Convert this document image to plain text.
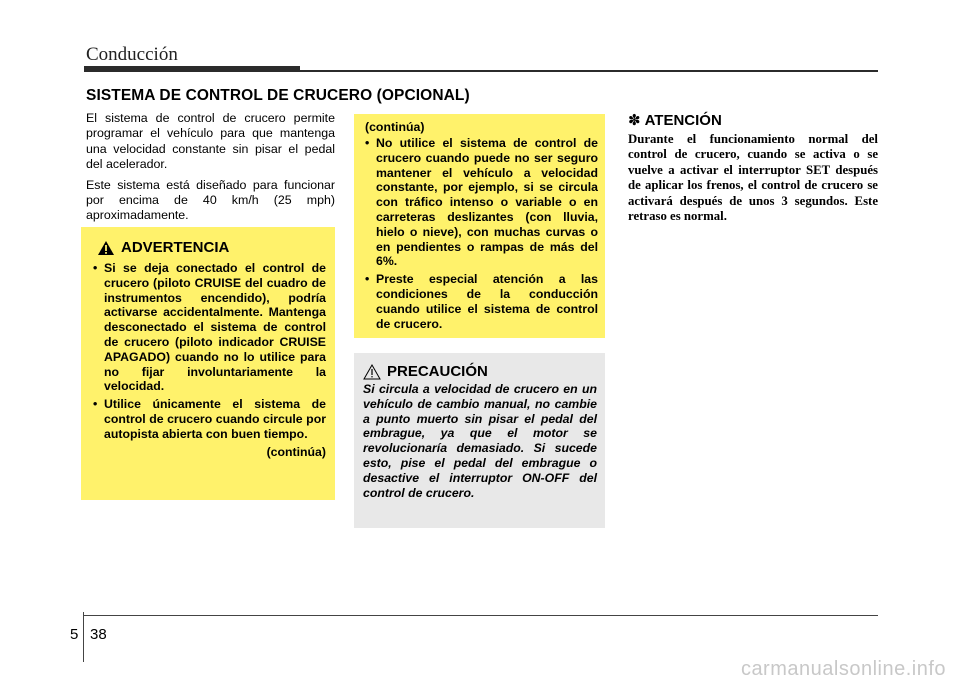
Conducción
SISTEMA DE CONTROL DE CRUCERO (OPCIONAL)

El sistema de control de crucero permite programar el vehículo para que mantenga una velocidad constante sin pisar el pedal del acelerador.

Este sistema está diseñado para funcionar por encima de 40 km/h (25 mph) aproximadamente.

ADVERTENCIA
• Si se deja conectado el control de crucero (piloto CRUISE del cuadro de instrumentos encendido), podría activarse accidentalmente. Mantenga desconectado el sistema de control de crucero (piloto indicador CRUISE APAGADO) cuando no lo utilice para no fijar involuntariamente la velocidad.
• Utilice únicamente el sistema de control de crucero cuando circule por autopista abierta con buen tiempo.
(continúa)
(continúa)
• No utilice el sistema de control de crucero cuando puede no ser seguro mantener el vehículo a velocidad constante, por ejemplo, si se circula con tráfico intenso o variable o en carreteras deslizantes (con lluvia, hielo o nieve), con muchas curvas o en pendientes o rampas de más del 6%.
• Preste especial atención a las condiciones de la conducción cuando utilice el sistema de control de crucero.
PRECAUCIÓN
Si circula a velocidad de crucero en un vehículo de cambio manual, no cambie a punto muerto sin pisar el pedal del embrague, ya que el motor se revolucionaría demasiado. Si sucede esto, pise el pedal del embrague o desactive el interruptor ON-OFF del control de crucero.
✽ ATENCIÓN
Durante el funcionamiento normal del control de crucero, cuando se activa o se vuelve a activar el interruptor SET después de aplicar los frenos, el control de crucero se activará después de unos 3 segundos. Este retraso es normal.
5 38
carmanualsonline.info
